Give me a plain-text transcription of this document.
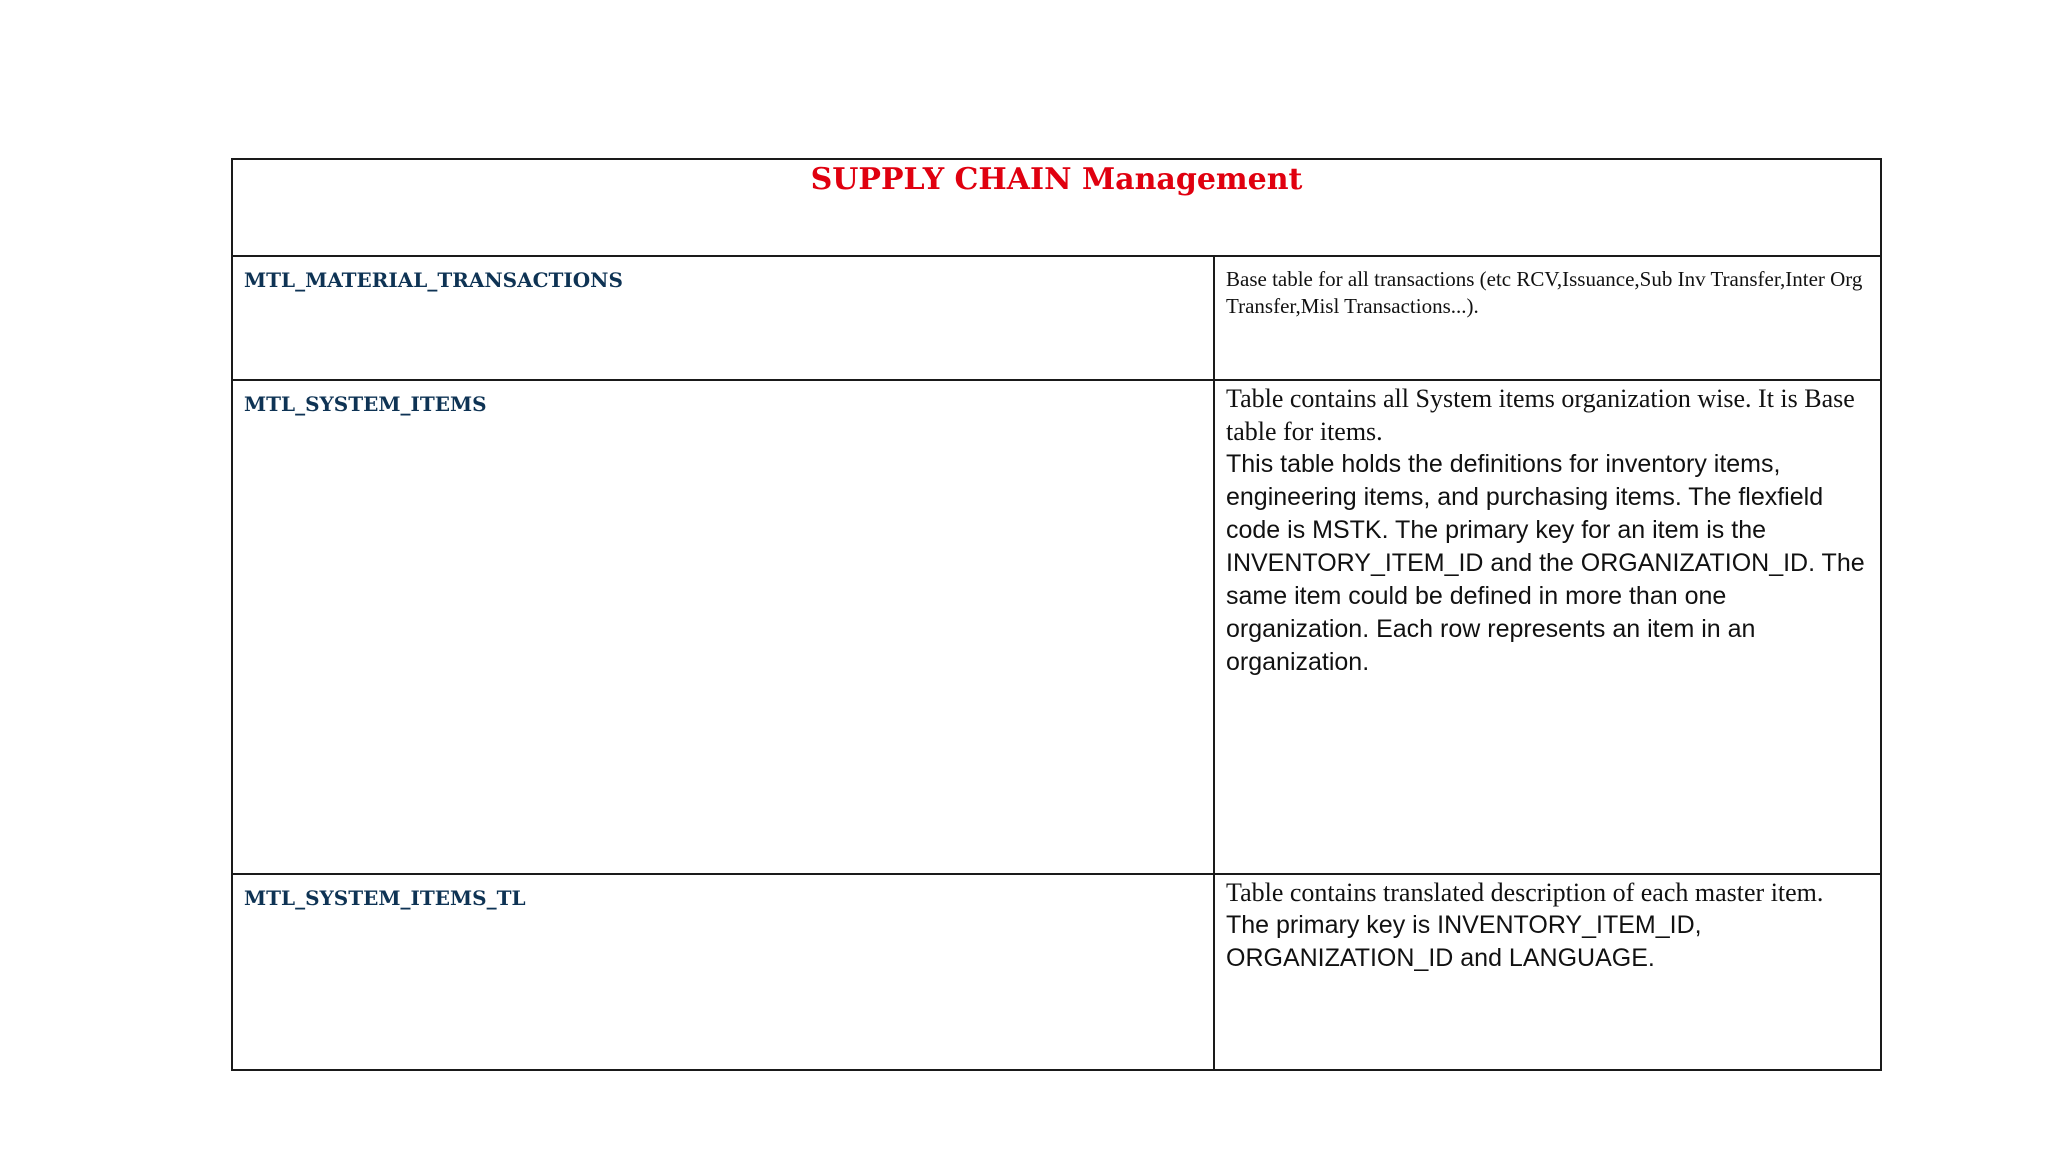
SUPPLY CHAIN Management	

MTL_MATERIAL_TRANSACTIONS	Base table for all transactions (etc RCV,Issuance,Sub Inv Transfer,Inter Org Transfer,Misl Transactions...).

MTL_SYSTEM_ITEMS	Table contains all System items organization wise. It is Base table for items.
This table holds the definitions for inventory items, engineering items, and purchasing items. The flexfield code is MSTK. The primary key for an item is the INVENTORY_ITEM_ID and the ORGANIZATION_ID. The same item could be defined in more than one organization. Each row represents an item in an organization.

MTL_SYSTEM_ITEMS_TL	Table contains translated description of each master item.
The primary key is INVENTORY_ITEM_ID, ORGANIZATION_ID and LANGUAGE.
